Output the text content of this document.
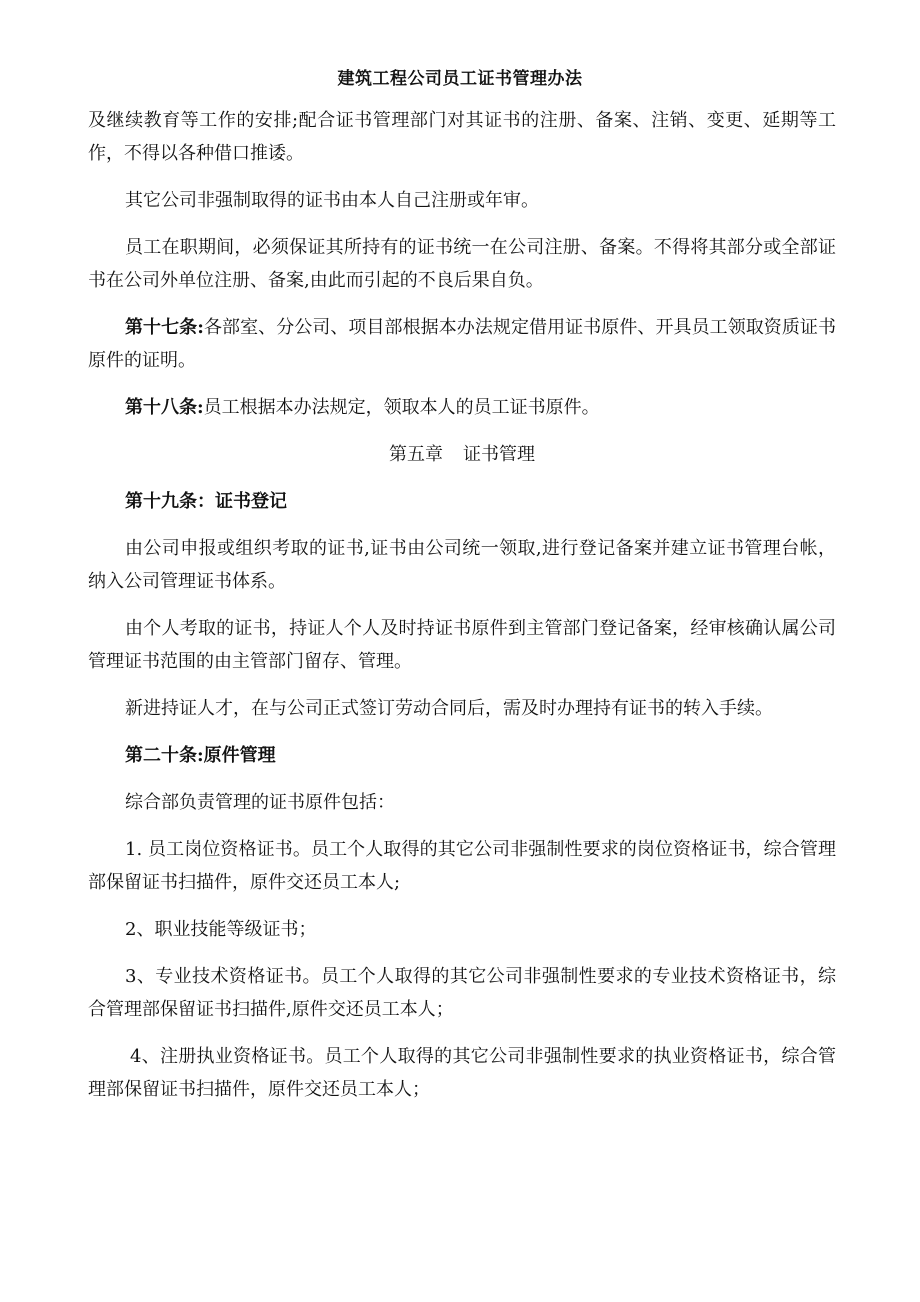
建筑工程公司员工证书管理办法

及继续教育等工作的安排;配合证书管理部门对其证书的注册、备案、注销、变更、延期等工作，不得以各种借口推诿。

其它公司非强制取得的证书由本人自己注册或年审。

员工在职期间，必须保证其所持有的证书统一在公司注册、备案。不得将其部分或全部证书在公司外单位注册、备案,由此而引起的不良后果自负。

第十七条:各部室、分公司、项目部根据本办法规定借用证书原件、开具员工领取资质证书原件的证明。

第十八条:员工根据本办法规定，领取本人的员工证书原件。

第五章 证书管理

第十九条：证书登记

由公司申报或组织考取的证书,证书由公司统一领取,进行登记备案并建立证书管理台帐，纳入公司管理证书体系。

由个人考取的证书，持证人个人及时持证书原件到主管部门登记备案，经审核确认属公司管理证书范围的由主管部门留存、管理。

新进持证人才，在与公司正式签订劳动合同后，需及时办理持有证书的转入手续。

第二十条:原件管理

综合部负责管理的证书原件包括：

1. 员工岗位资格证书。员工个人取得的其它公司非强制性要求的岗位资格证书，综合管理部保留证书扫描件，原件交还员工本人;

2、职业技能等级证书；

3、专业技术资格证书。员工个人取得的其它公司非强制性要求的专业技术资格证书，综合管理部保留证书扫描件,原件交还员工本人；

4、注册执业资格证书。员工个人取得的其它公司非强制性要求的执业资格证书，综合管理部保留证书扫描件，原件交还员工本人；
